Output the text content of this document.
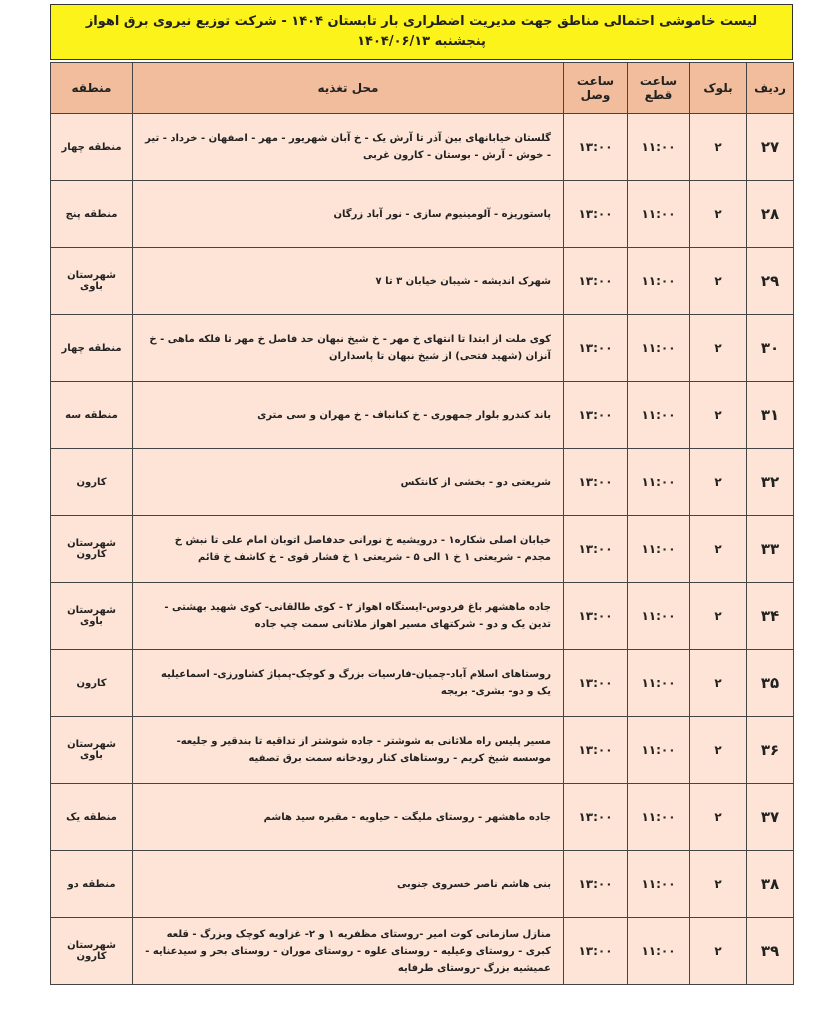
لیست خاموشی احتمالی مناطق جهت مدیریت اضطراری بار تابستان ۱۴۰۴ - شرکت توزیع نیروی برق اهواز
پنجشنبه ۱۴۰۴/۰۶/۱۳
ردیف	بلوک	ساعت قطع	ساعت وصل	محل تغذیه	منطقه
۲۷	۲	۱۱:۰۰	۱۳:۰۰	گلستان خیابانهای بین آذر تا آرش یک - خ آبان شهریور - مهر - اصفهان - خرداد - تیر - خوش - آرش - بوستان - کارون غربی	منطقه چهار
۲۸	۲	۱۱:۰۰	۱۳:۰۰	پاستوریزه - آلومینیوم سازی - نور آباد زرگان	منطقه پنج
۲۹	۲	۱۱:۰۰	۱۳:۰۰	شهرک اندیشه - شیبان خیابان ۳ تا ۷	شهرستان باوی
۳۰	۲	۱۱:۰۰	۱۳:۰۰	کوی ملت از ابتدا تا انتهای خ مهر - خ شیخ نبهان حد فاصل خ مهر تا فلکه ماهی - خ آنزان (شهید فتحی) از شیخ نبهان تا پاسداران	منطقه چهار
۳۱	۲	۱۱:۰۰	۱۳:۰۰	باند کندرو بلوار جمهوری - خ کنانباف - خ مهران و سی متری	منطقه سه
۳۲	۲	۱۱:۰۰	۱۳:۰۰	شریعتی دو - بخشی از کانتکس	کارون
۳۳	۲	۱۱:۰۰	۱۳:۰۰	خیابان اصلی شکاره۱ - درویشیه خ نورانی حدفاصل اتوبان امام علی تا نبش خ مجدم - شریعتی ۱ خ ۱ الی ۵ - شریعتی ۱ خ فشار قوی - خ کاشف خ قائم	شهرستان کارون
۳۴	۲	۱۱:۰۰	۱۳:۰۰	جاده ماهشهر باغ فردوس-ایستگاه اهواز ۲ - کوی طالقانی- کوی شهید بهشتی - تدین یک و دو - شرکتهای مسیر اهواز ملاثانی سمت چپ جاده	شهرستان باوی
۳۵	۲	۱۱:۰۰	۱۳:۰۰	روستاهای اسلام آباد-چمیان-فارسیات بزرگ و کوچک-پمپاژ کشاورزی- اسماعیلیه یک و دو- بشری- بریجه	کارون
۳۶	۲	۱۱:۰۰	۱۳:۰۰	مسیر پلیس راه ملاثانی به شوشتر - جاده شوشتر از تداقیه تا بندقیر و جلیعه- موسسه شیخ کریم - روستاهای کنار رودخانه سمت برق تصفیه	شهرستان باوی
۳۷	۲	۱۱:۰۰	۱۳:۰۰	جاده ماهشهر - روستای ملیگت - حیاویه - مقبره سید هاشم	منطقه یک
۳۸	۲	۱۱:۰۰	۱۳:۰۰	بنی هاشم ناصر خسروی جنوبی	منطقه دو
۳۹	۲	۱۱:۰۰	۱۳:۰۰	منازل سازمانی کوت امیر -روستای مظفریه ۱ و ۲- غزاویه کوچک وبزرگ - قلعه کبری - روستای وعیلیه - روستای علوه - روستای موران - روستای بحر و سیدعنایه - عمیشیه بزرگ -روستای طرفایه	شهرستان کارون
